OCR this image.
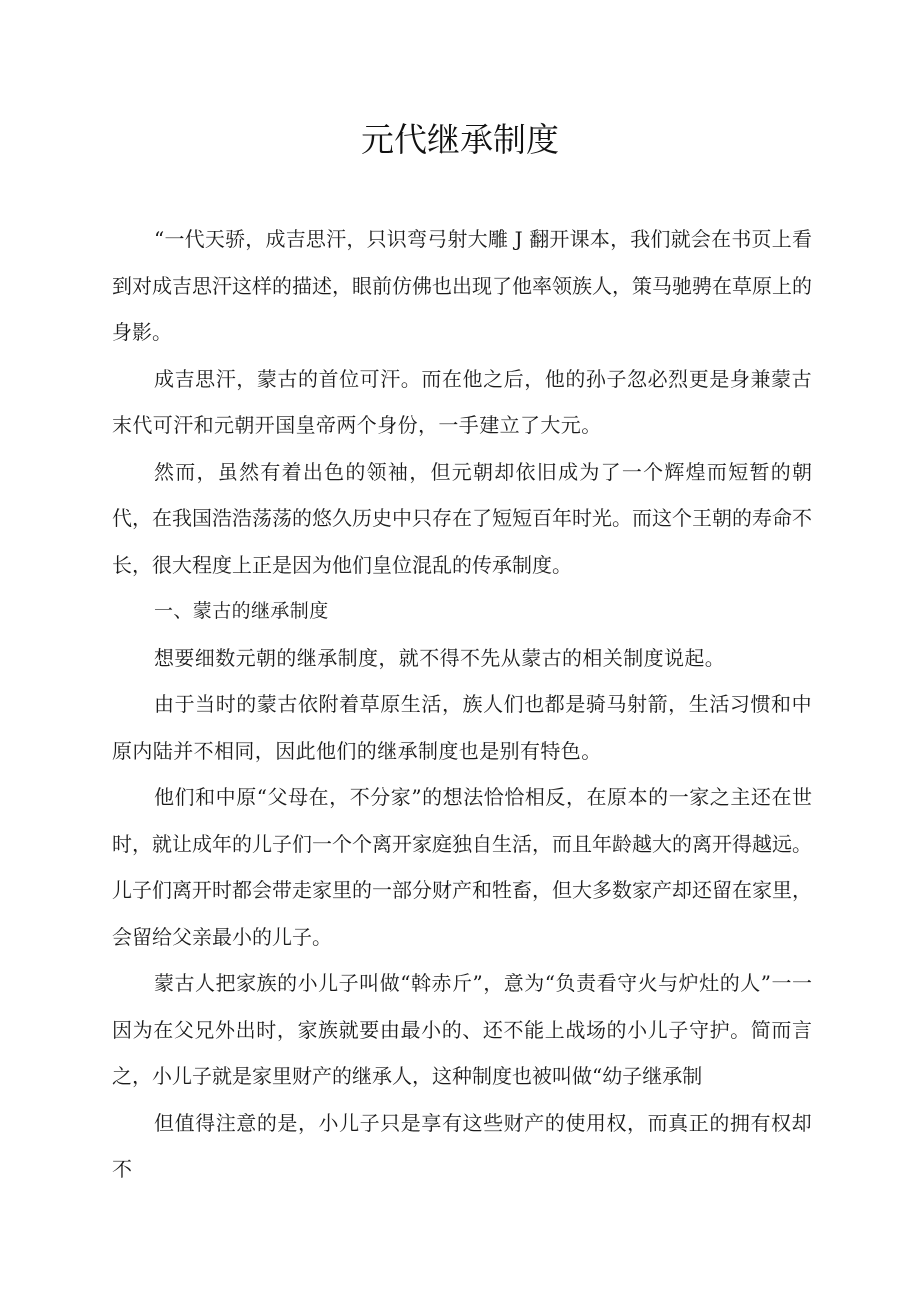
元代继承制度

“一代天骄，成吉思汗，只识弯弓射大雕 J 翻开课本，我们就会在书页上看到对成吉思汗这样的描述，眼前仿佛也出现了他率领族人，策马驰骋在草原上的身影。

成吉思汗，蒙古的首位可汗。而在他之后，他的孙子忽必烈更是身兼蒙古末代可汗和元朝开国皇帝两个身份，一手建立了大元。

然而，虽然有着出色的领袖，但元朝却依旧成为了一个辉煌而短暂的朝代，在我国浩浩荡荡的悠久历史中只存在了短短百年时光。而这个王朝的寿命不长，很大程度上正是因为他们皇位混乱的传承制度。

一、蒙古的继承制度

想要细数元朝的继承制度，就不得不先从蒙古的相关制度说起。

由于当时的蒙古依附着草原生活，族人们也都是骑马射箭，生活习惯和中原内陆并不相同，因此他们的继承制度也是别有特色。

他们和中原“父母在，不分家”的想法恰恰相反，在原本的一家之主还在世时，就让成年的儿子们一个个离开家庭独自生活，而且年龄越大的离开得越远。儿子们离开时都会带走家里的一部分财产和牲畜，但大多数家产却还留在家里，会留给父亲最小的儿子。

蒙古人把家族的小儿子叫做“斡赤斤”，意为“负责看守火与炉灶的人”一一因为在父兄外出时，家族就要由最小的、还不能上战场的小儿子守护。简而言之，小儿子就是家里财产的继承人，这种制度也被叫做“幼子继承制

但值得注意的是，小儿子只是享有这些财产的使用权，而真正的拥有权却不
